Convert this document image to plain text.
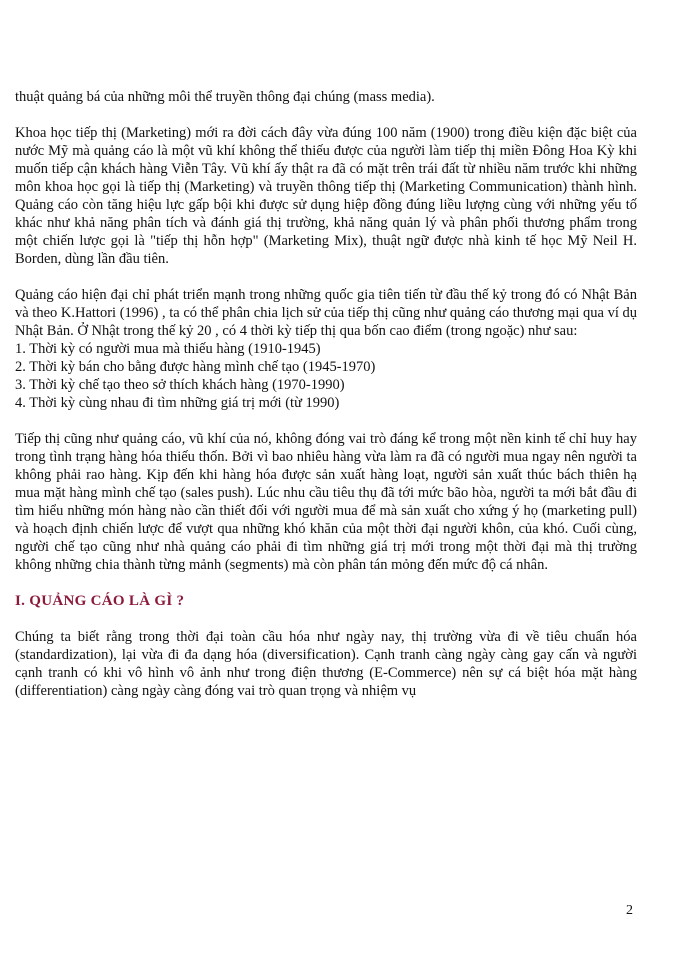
thuật quảng bá của những môi thể truyền thông đại chúng (mass media).

Khoa học tiếp thị (Marketing) mới ra đời cách đây vừa đúng 100 năm (1900) trong điều kiện đặc biệt của nước Mỹ mà quảng cáo là một vũ khí không thể thiếu được của người làm tiếp thị miền Đông Hoa Kỳ khi muốn tiếp cận khách hàng Viễn Tây. Vũ khí ấy thật ra đã có mặt trên trái đất từ nhiều năm trước khi những môn khoa học gọi là tiếp thị (Marketing) và truyền thông tiếp thị (Marketing Communication) thành hình. Quảng cáo còn tăng hiệu lực gấp bội khi được sử dụng hiệp đồng đúng liều lượng cùng với những yếu tố khác như khả năng phân tích và đánh giá thị trường, khả năng quản lý và phân phối thương phẩm trong một chiến lược gọi là "tiếp thị hỗn hợp" (Marketing Mix), thuật ngữ được nhà kinh tế học Mỹ Neil H. Borden, dùng lần đầu tiên.

Quảng cáo hiện đại chỉ phát triển mạnh trong những quốc gia tiên tiến từ đầu thế kỷ trong đó có Nhật Bản và theo K.Hattori (1996) , ta có thể phân chia lịch sử của tiếp thị cũng như quảng cáo thương mại qua ví dụ Nhật Bản. Ở Nhật trong thế kỷ 20 , có 4 thời kỳ tiếp thị qua bốn cao điểm (trong ngoặc) như sau:

1. Thời kỳ có người mua mà thiếu hàng (1910-1945)

2. Thời kỳ bán cho bằng được hàng mình chế tạo (1945-1970)

3. Thời kỳ chế tạo theo sở thích khách hàng (1970-1990)

4. Thời kỳ cùng nhau đi tìm những giá trị mới (từ 1990)

Tiếp thị cũng như quảng cáo, vũ khí của nó, không đóng vai trò đáng kể trong một nền kinh tế chỉ huy hay trong tình trạng hàng hóa thiếu thốn. Bởi vì bao nhiêu hàng vừa làm ra đã có người mua ngay nên người ta không phải rao hàng. Kịp đến khi hàng hóa được sản xuất hàng loạt, người sản xuất thúc bách thiên hạ mua mặt hàng mình chế tạo (sales push). Lúc nhu cầu tiêu thụ đã tới mức bão hòa, người ta mới bắt đầu đi tìm hiểu những món hàng nào cần thiết đối với người mua để mà sản xuất cho xứng ý họ (marketing pull) và hoạch định chiến lược để vượt qua những khó khăn của một thời đại người khôn, của khó. Cuối cùng, người chế tạo cũng như nhà quảng cáo phải đi tìm những giá trị mới trong một thời đại mà thị trường không những chia thành từng mảnh (segments) mà còn phân tán mỏng đến mức độ cá nhân.

I. QUẢNG CÁO LÀ GÌ ?

Chúng ta biết rằng trong thời đại toàn cầu hóa như ngày nay, thị trường vừa đi về tiêu chuẩn hóa (standardization), lại vừa đi đa dạng hóa (diversification). Cạnh tranh càng ngày càng gay cấn và người cạnh tranh có khi vô hình vô ảnh như trong điện thương (E-Commerce) nên sự cá biệt hóa mặt hàng (differentiation) càng ngày càng đóng vai trò quan trọng và nhiệm vụ

2
